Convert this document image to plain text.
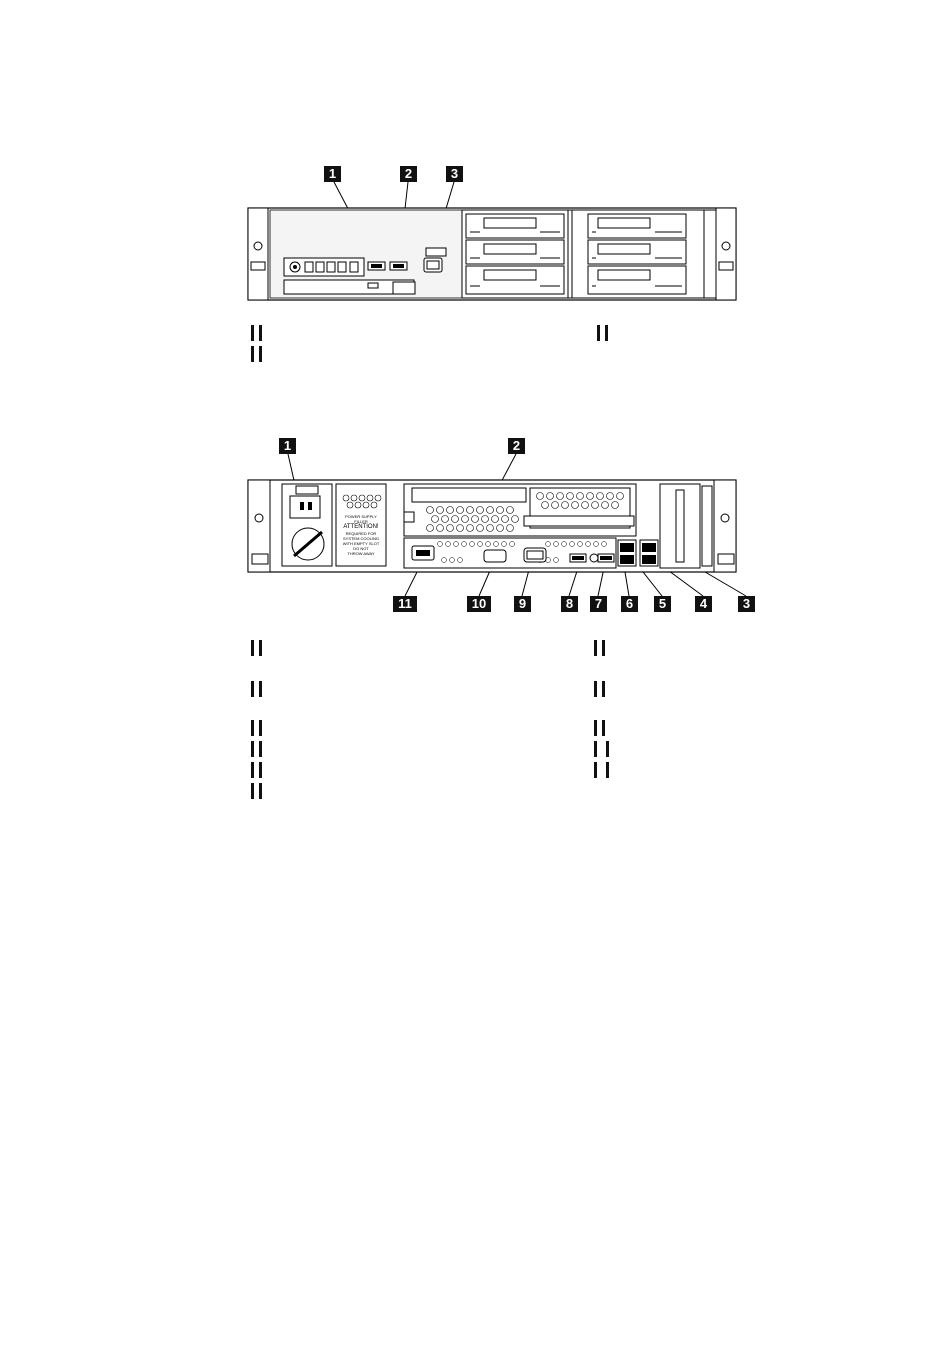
1	2	3
1	2
11	10	9	8	7	6	5	4	3
POWER SUPPLY
FILLER
ATTENTION!
REQUIRED FOR
SYSTEM COOLING
WITH EMPTY SLOT
DO NOT
THROW AWAY
